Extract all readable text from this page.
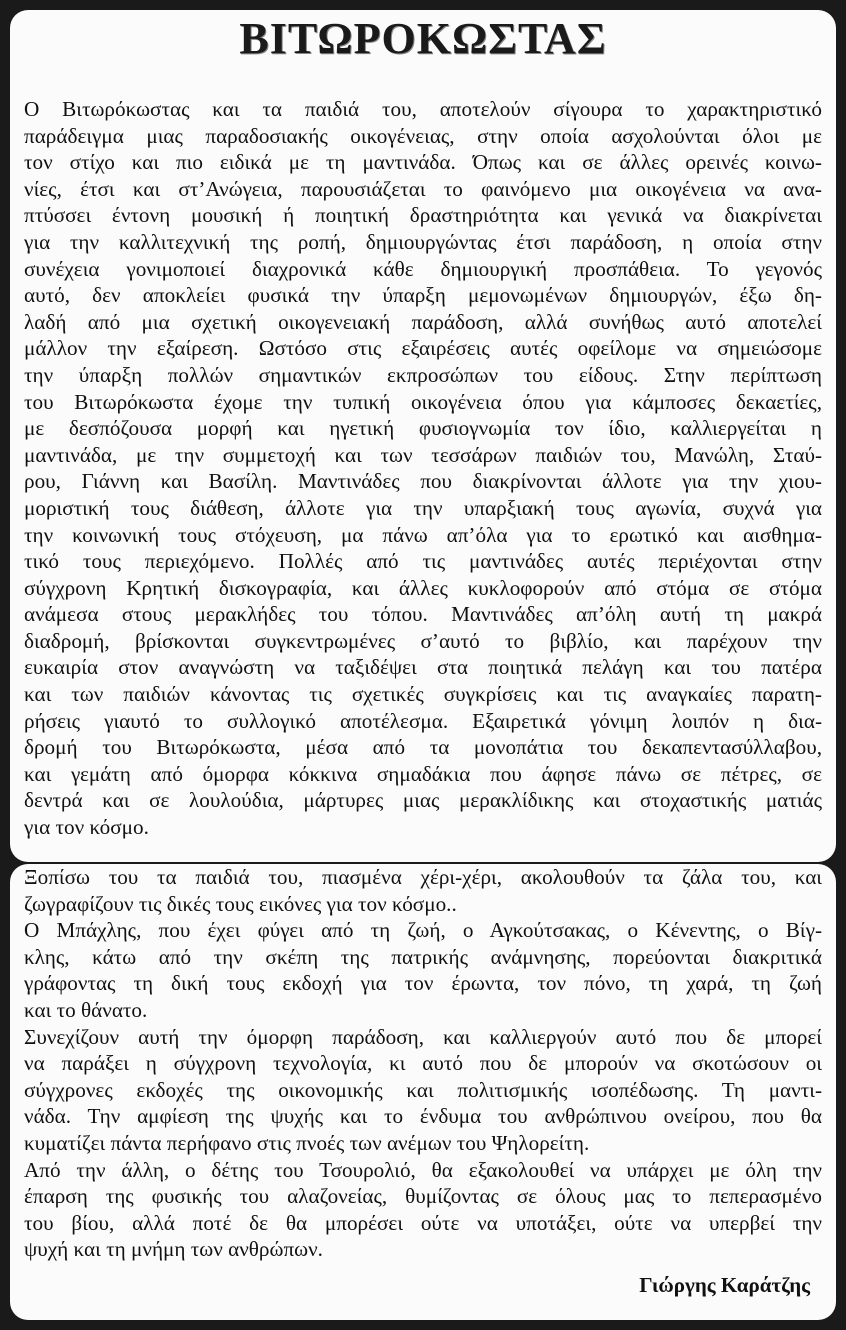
ΒΙΤΩΡΟΚΩΣΤΑΣ
Ο Βιτωρόκωστας και τα παιδιά του, αποτελούν σίγουρα το χαρακτηριστικό
παράδειγμα μιας παραδοσιακής οικογένειας, στην οποία ασχολούνται όλοι με
τον στίχο και πιο ειδικά με τη μαντινάδα. Όπως και σε άλλες ορεινές κοινω-
νίες, έτσι και στ’Ανώγεια, παρουσιάζεται το φαινόμενο μια οικογένεια να ανα-
πτύσσει έντονη μουσική ή ποιητική δραστηριότητα και γενικά να διακρίνεται
για την καλλιτεχνική της ροπή, δημιουργώντας έτσι παράδοση, η οποία στην
συνέχεια γονιμοποιεί διαχρονικά κάθε δημιουργική προσπάθεια. Το γεγονός
αυτό, δεν αποκλείει φυσικά την ύπαρξη μεμονωμένων δημιουργών, έξω δη-
λαδή από μια σχετική οικογενειακή παράδοση, αλλά συνήθως αυτό αποτελεί
μάλλον την εξαίρεση. Ωστόσο στις εξαιρέσεις αυτές οφείλομε να σημειώσομε
την ύπαρξη πολλών σημαντικών εκπροσώπων του είδους. Στην περίπτωση
του Βιτωρόκωστα έχομε την τυπική οικογένεια όπου για κάμποσες δεκαετίες,
με δεσπόζουσα μορφή και ηγετική φυσιογνωμία τον ίδιο, καλλιεργείται η
μαντινάδα, με την συμμετοχή και των τεσσάρων παιδιών του, Μανώλη, Σταύ-
ρου, Γιάννη και Βασίλη. Μαντινάδες που διακρίνονται άλλοτε για την χιου-
μοριστική τους διάθεση, άλλοτε για την υπαρξιακή τους αγωνία, συχνά για
την κοινωνική τους στόχευση, μα πάνω απ’όλα για το ερωτικό και αισθημα-
τικό τους περιεχόμενο. Πολλές από τις μαντινάδες αυτές περιέχονται στην
σύγχρονη Κρητική δισκογραφία, και άλλες κυκλοφορούν από στόμα σε στόμα
ανάμεσα στους μερακλήδες του τόπου. Μαντινάδες απ’όλη αυτή τη μακρά
διαδρομή, βρίσκονται συγκεντρωμένες σ’αυτό το βιβλίο, και παρέχουν την
ευκαιρία στον αναγνώστη να ταξιδέψει στα ποιητικά πελάγη και του πατέρα
και των παιδιών κάνοντας τις σχετικές συγκρίσεις και τις αναγκαίες παρατη-
ρήσεις γιαυτό το συλλογικό αποτέλεσμα. Εξαιρετικά γόνιμη λοιπόν η δια-
δρομή του Βιτωρόκωστα, μέσα από τα μονοπάτια του δεκαπεντασύλλαβου,
και γεμάτη από όμορφα κόκκινα σημαδάκια που άφησε πάνω σε πέτρες, σε
δεντρά και σε λουλούδια, μάρτυρες μιας μερακλίδικης και στοχαστικής ματιάς
για τον κόσμο.
Ξοπίσω του τα παιδιά του, πιασμένα χέρι-χέρι, ακολουθούν τα ζάλα του, και
ζωγραφίζουν τις δικές τους εικόνες για τον κόσμο..
Ο Μπάχλης, που έχει φύγει από τη ζωή, ο Αγκούτσακας, ο Κένεντης, ο Βίγ-
κλης, κάτω από την σκέπη της πατρικής ανάμνησης, πορεύονται διακριτικά
γράφοντας τη δική τους εκδοχή για τον έρωντα, τον πόνο, τη χαρά, τη ζωή
και το θάνατο.
Συνεχίζουν αυτή την όμορφη παράδοση, και καλλιεργούν αυτό που δε μπορεί
να παράξει η σύγχρονη τεχνολογία, κι αυτό που δε μπορούν να σκοτώσουν οι
σύγχρονες εκδοχές της οικονομικής και πολιτισμικής ισοπέδωσης. Τη μαντι-
νάδα. Την αμφίεση της ψυχής και το ένδυμα του ανθρώπινου ονείρου, που θα
κυματίζει πάντα περήφανο στις πνοές των ανέμων του Ψηλορείτη.
Από την άλλη, ο δέτης του Τσουρολιό, θα εξακολουθεί να υπάρχει με όλη την
έπαρση της φυσικής του αλαζονείας, θυμίζοντας σε όλους μας το πεπερασμένο
του βίου, αλλά ποτέ δε θα μπορέσει ούτε να υποτάξει, ούτε να υπερβεί την
ψυχή και τη μνήμη των ανθρώπων.
Γιώργης Καράτζης
